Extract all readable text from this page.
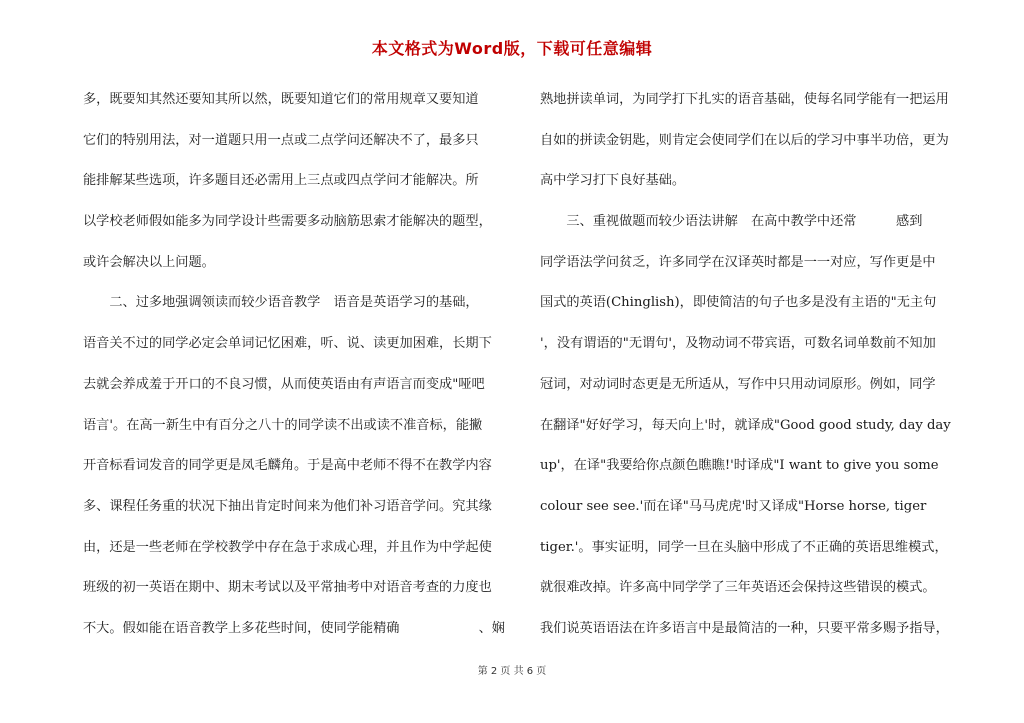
本文格式为Word版，下载可任意编辑
多，既要知其然还要知其所以然，既要知道它们的常用规章又要知道
它们的特别用法，对一道题只用一点或二点学问还解决不了，最多只
能排解某些选项，许多题目还必需用上三点或四点学问才能解决。所
以学校老师假如能多为同学设计些需要多动脑筋思索才能解决的题型，
或许会解决以上问题。
　　二、过多地强调领读而较少语音教学　语音是英语学习的基础，
语音关不过的同学必定会单词记忆困难，听、说、读更加困难，长期下
去就会养成羞于开口的不良习惯，从而使英语由有声语言而变成"哑吧
语言'。在高一新生中有百分之八十的同学读不出或读不准音标，能撇
开音标看词发音的同学更是凤毛麟角。于是高中老师不得不在教学内容
多、课程任务重的状况下抽出肯定时间来为他们补习语音学问。究其缘
由，还是一些老师在学校教学中存在急于求成心理，并且作为中学起使
班级的初一英语在期中、期末考试以及平常抽考中对语音考查的力度也
不大。假如能在语音教学上多花些时间，使同学能精确　　　　　　、娴
熟地拼读单词，为同学打下扎实的语音基础，使每名同学能有一把运用
自如的拼读金钥匙，则肯定会使同学们在以后的学习中事半功倍，更为
高中学习打下良好基础。
　　三、重视做题而较少语法讲解　在高中教学中还常　　　感到
同学语法学问贫乏，许多同学在汉译英时都是一一对应，写作更是中
国式的英语(Chinglish)，即使简洁的句子也多是没有主语的"无主句
'，没有谓语的"无谓句'，及物动词不带宾语，可数名词单数前不知加
冠词，对动词时态更是无所适从，写作中只用动词原形。例如，同学
在翻译"好好学习，每天向上'时，就译成"Good good study, day day
up'，在译"我要给你点颜色瞧瞧!'时译成"I want to give you some
colour see see.'而在译"马马虎虎'时又译成"Horse horse, tiger
tiger.'。事实证明，同学一旦在头脑中形成了不正确的英语思维模式，
就很难改掉。许多高中同学学了三年英语还会保持这些错误的模式。
我们说英语语法在许多语言中是最简洁的一种，只要平常多赐予指导，
第 2 页 共 6 页
